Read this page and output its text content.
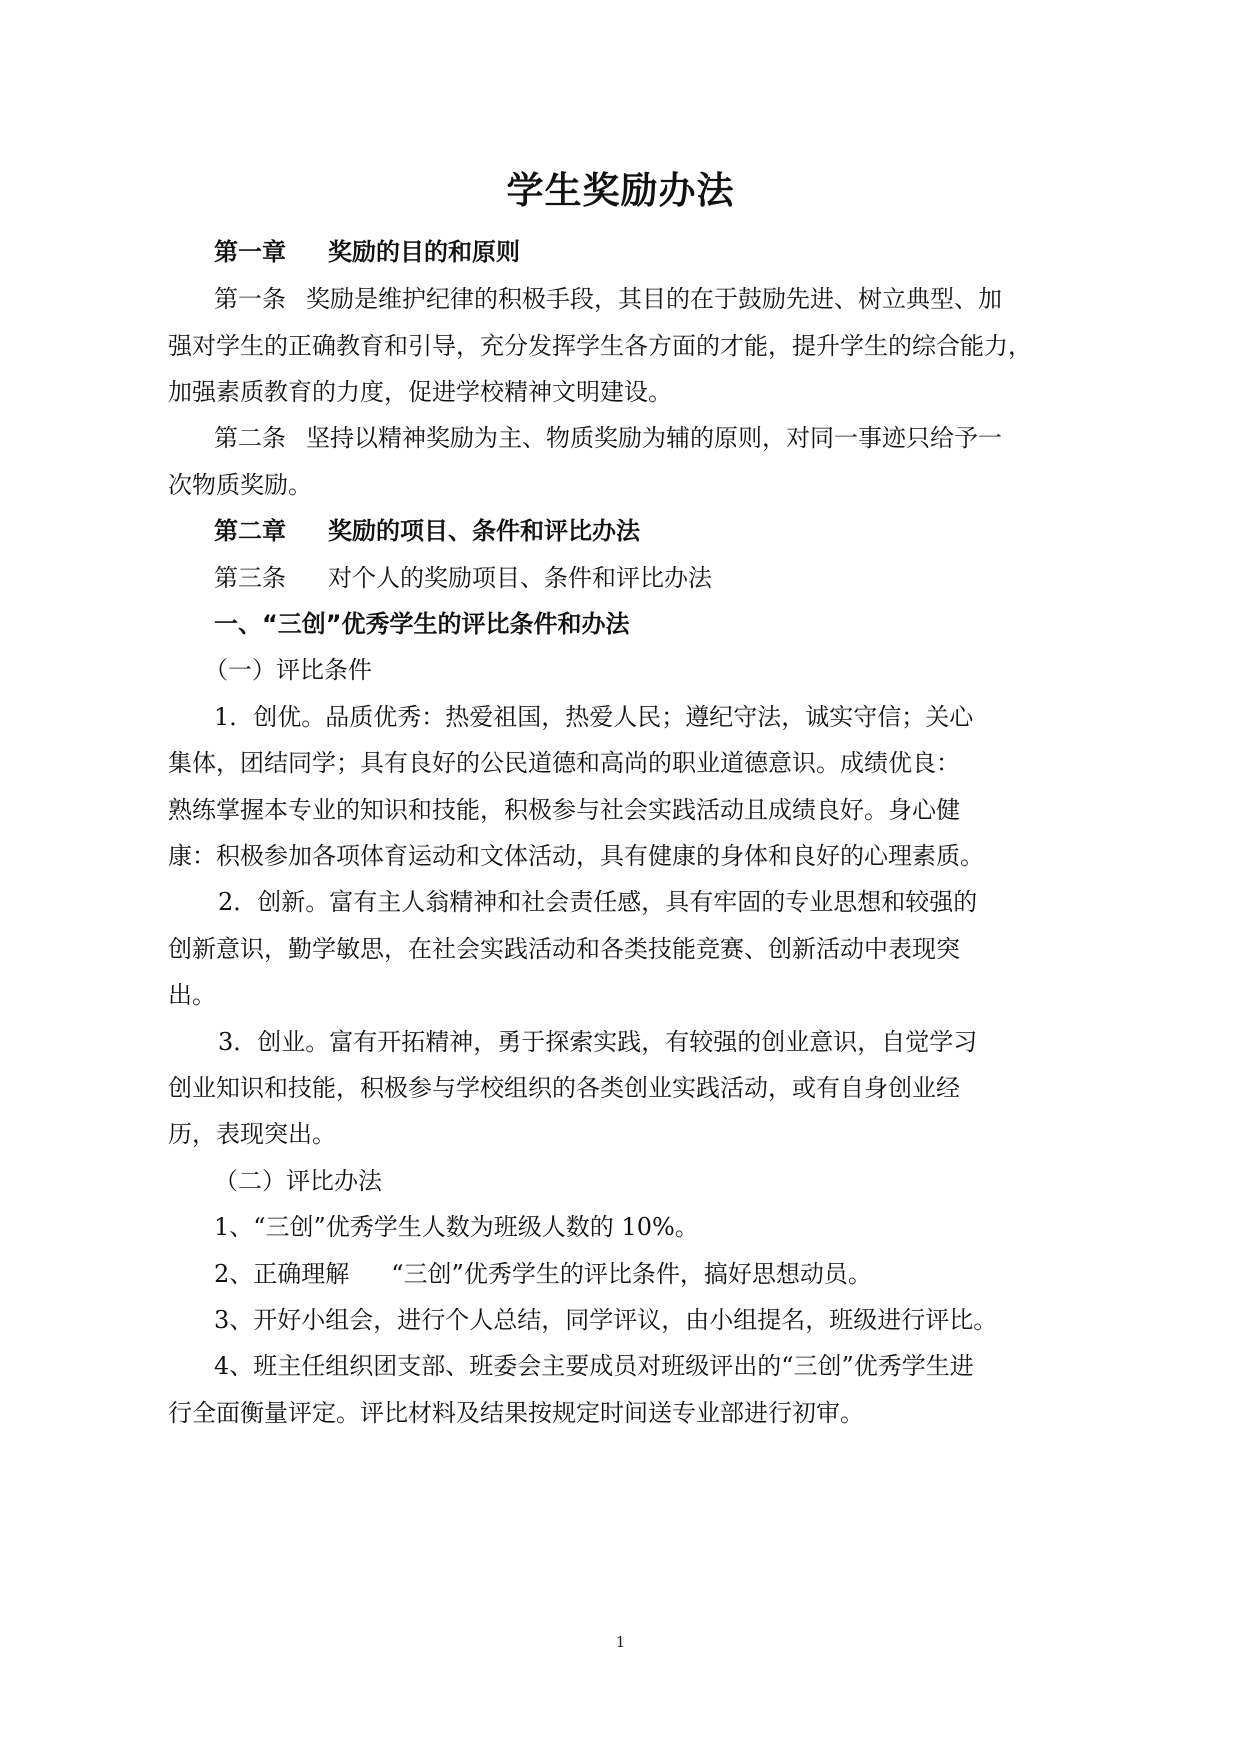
学生奖励办法

第一章 奖励的目的和原则

第一条 奖励是维护纪律的积极手段，其目的在于鼓励先进、树立典型、加

强对学生的正确教育和引导，充分发挥学生各方面的才能，提升学生的综合能力，

加强素质教育的力度，促进学校精神文明建设。

第二条 坚持以精神奖励为主、物质奖励为辅的原则，对同一事迹只给予一

次物质奖励。

第二章 奖励的项目、条件和评比办法

第三条 对个人的奖励项目、条件和评比办法

一、“三创”优秀学生的评比条件和办法

（一）评比条件

1．创优。品质优秀：热爱祖国，热爱人民；遵纪守法，诚实守信；关心

集体，团结同学；具有良好的公民道德和高尚的职业道德意识。成绩优良：

熟练掌握本专业的知识和技能，积极参与社会实践活动且成绩良好。身心健

康：积极参加各项体育运动和文体活动，具有健康的身体和良好的心理素质。

2．创新。富有主人翁精神和社会责任感，具有牢固的专业思想和较强的

创新意识，勤学敏思，在社会实践活动和各类技能竞赛、创新活动中表现突

出。

3．创业。富有开拓精神，勇于探索实践，有较强的创业意识，自觉学习

创业知识和技能，积极参与学校组织的各类创业实践活动，或有自身创业经

历，表现突出。

（二）评比办法

1、“三创”优秀学生人数为班级人数的 10%。

2、正确理解 “三创”优秀学生的评比条件，搞好思想动员。

3、开好小组会，进行个人总结，同学评议，由小组提名，班级进行评比。

4、班主任组织团支部、班委会主要成员对班级评出的“三创”优秀学生进

行全面衡量评定。评比材料及结果按规定时间送专业部进行初审。

1
